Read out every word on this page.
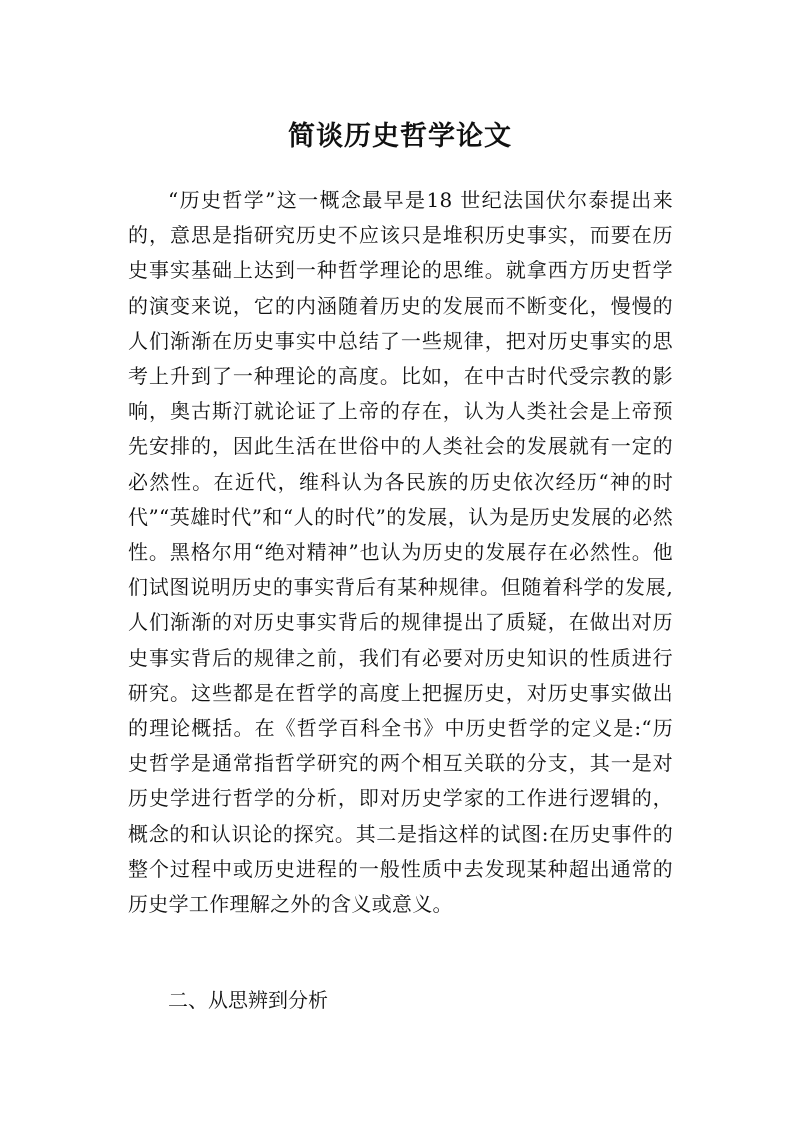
简谈历史哲学论文

“历史哲学”这一概念最早是18 世纪法国伏尔泰提出来的，意思是指研究历史不应该只是堆积历史事实，而要在历史事实基础上达到一种哲学理论的思维。就拿西方历史哲学的演变来说，它的内涵随着历史的发展而不断变化，慢慢的人们渐渐在历史事实中总结了一些规律，把对历史事实的思考上升到了一种理论的高度。比如，在中古时代受宗教的影响，奥古斯汀就论证了上帝的存在，认为人类社会是上帝预先安排的，因此生活在世俗中的人类社会的发展就有一定的必然性。在近代，维科认为各民族的历史依次经历“神的时代”“英雄时代”和“人的时代”的发展，认为是历史发展的必然性。黑格尔用“绝对精神”也认为历史的发展存在必然性。他们试图说明历史的事实背后有某种规律。但随着科学的发展,人们渐渐的对历史事实背后的规律提出了质疑，在做出对历史事实背后的规律之前，我们有必要对历史知识的性质进行研究。这些都是在哲学的高度上把握历史，对历史事实做出的理论概括。在《哲学百科全书》中历史哲学的定义是:“历史哲学是通常指哲学研究的两个相互关联的分支，其一是对历史学进行哲学的分析，即对历史学家的工作进行逻辑的，概念的和认识论的探究。其二是指这样的试图:在历史事件的整个过程中或历史进程的一般性质中去发现某种超出通常的历史学工作理解之外的含义或意义。

二、从思辨到分析
